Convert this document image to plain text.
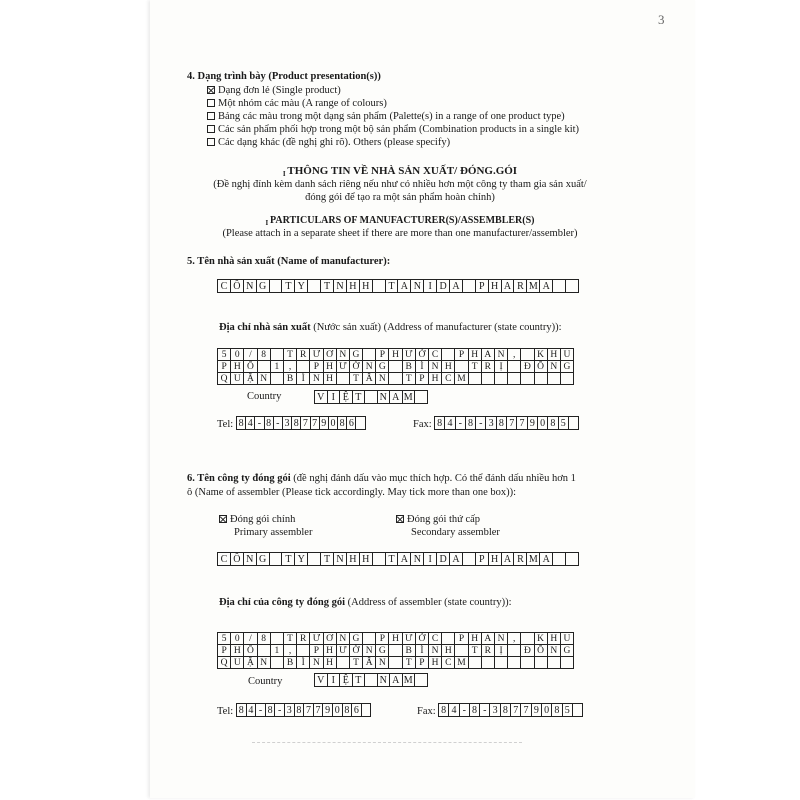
3
4. Dạng trình bày (Product presentation(s))
Dạng đơn lẻ (Single product)
Một nhóm các màu (A range of colours)
Bảng các màu trong một dạng sản phẩm (Palette(s) in a range of one product type)
Các sản phẩm phối hợp trong một bộ sản phẩm (Combination products in a single kit)
Các dạng khác (đề nghị ghi rõ). Others (please specify)
I THÔNG TIN VỀ NHÀ SẢN XUẤT/ ĐÓNG.GÓI
(Đề nghị đính kèm danh sách riêng nếu như có nhiều hơn một công ty tham gia sản xuất/
đóng gói để tạo ra một sản phẩm hoàn chỉnh)
$_I$ PARTICULARS OF MANUFACTURER(S)/ASSEMBLER(S)
(Please attach in a separate sheet if there are more than one manufacturer/assembler)
5. Tên nhà sản xuất (Name of manufacturer):
C Ô N G	T Y	T N H H	T A N I D A	P H A R M A
Địa chỉ nhà sản xuất (Nước sản xuất) (Address of manufacturer (state country)):
5 0 /	8	T R Ư Ơ N G	P H Ư Ớ C	P H A N ,	K H U
P H Ố	1	,	P H Ư Ờ N G	B Ì N H	T R Ị	Đ Ô N G
Q U Ậ N	B Ì N H	T Â N	T P H C M
Country	V I Ệ T	N A M
Tel: 8 4 - 8 - 3 8 7 7 9 0 8 6	Fax: 8 4 - 8 - 3 8 7 7 9 0 8 5
6. Tên công ty đóng gói (đề nghị đánh dấu vào mục thích hợp. Có thể đánh dấu nhiều hơn 1
ô (Name of assembler (Please tick accordingly. May tick more than one box)):
Đóng gói chính
Primary assembler
Đóng gói thứ cấp
Secondary assembler
C Ô N G	T Y	T N H H	T A N I D A	P H A R M A
Địa chỉ của công ty đóng gói (Address of assembler (state country)):
5 0 /	8	T R Ư Ơ N G	P H Ư Ớ C	P H A N ,	K H U
P H Ố	1	,	P H Ư Ờ N G	B Ì N H	T R Ị	Đ Ô N G
Q U Ậ N	B Ì N H	T Â N	T P H C M
Country	V I Ệ T	N A M
Tel: 8 4 - 8 - 3 8 7 7 9 0 8 6	Fax: 8 4 - 8 - 3 8 7 7 9 0 8 5
